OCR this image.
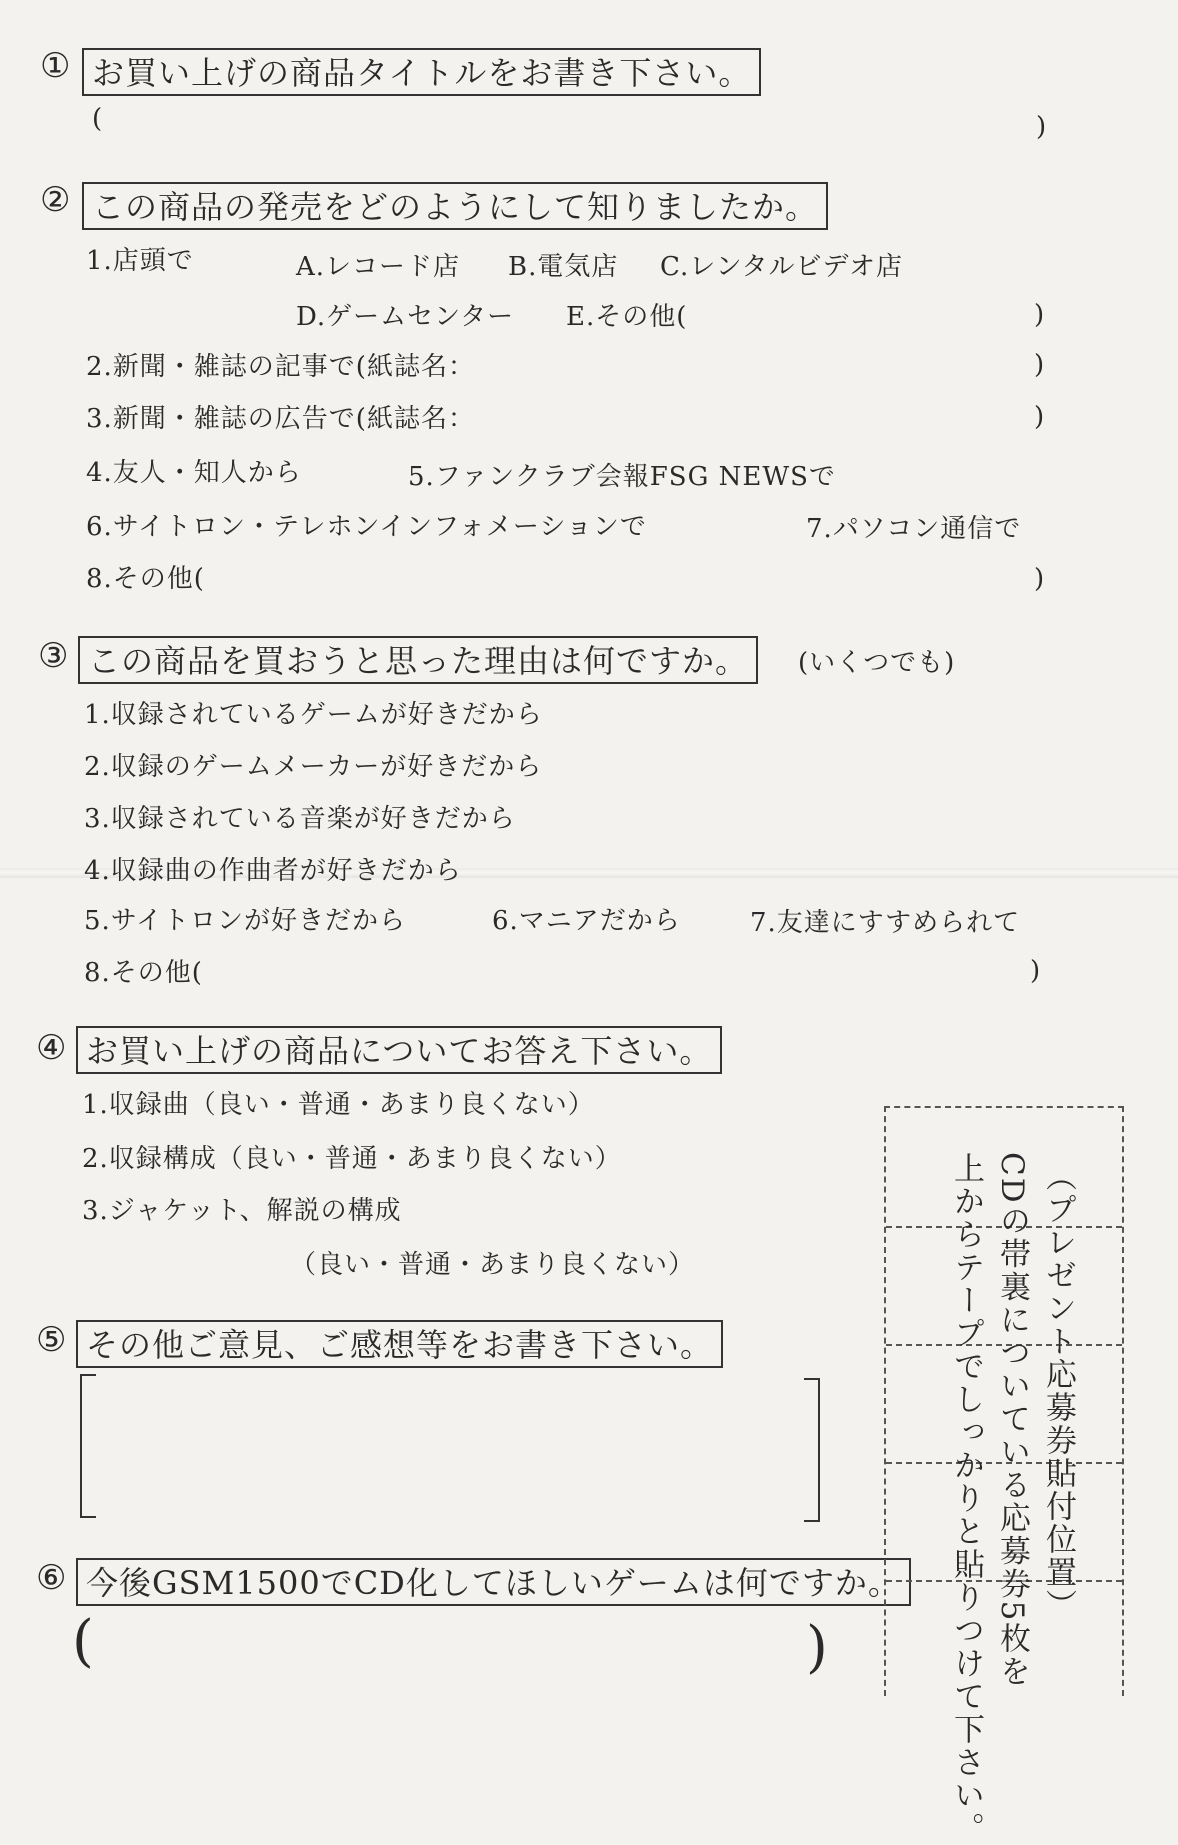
① お買い上げの商品タイトルをお書き下さい。
(	)
② この商品の発売をどのようにして知りましたか。
1.店頭で	A.レコード店 B.電気店 C.レンタルビデオ店
D.ゲームセンター E.その他(	)
2.新聞・雑誌の記事で(紙誌名：	)
3.新聞・雑誌の広告で(紙誌名：	)
4.友人・知人から	5.ファンクラブ会報FSG NEWSで
6.サイトロン・テレホンインフォメーションで	7.パソコン通信で
8.その他(	)
③ この商品を買おうと思った理由は何ですか。	(いくつでも)
1.収録されているゲームが好きだから
2.収録のゲームメーカーが好きだから
3.収録されている音楽が好きだから
4.収録曲の作曲者が好きだから
5.サイトロンが好きだから	6.マニアだから	7.友達にすすめられて
8.その他(	)
④ お買い上げの商品についてお答え下さい。
1.収録曲（良い・普通・あまり良くない）
2.収録構成（良い・普通・あまり良くない）
3.ジャケット、解説の構成
（良い・普通・あまり良くない）
⑤ その他ご意見、ご感想等をお書き下さい。
⑥ 今後GSM1500でCD化してほしいゲームは何ですか。
(	)
（プレゼント応募券貼付位置）
CDの帯裏についている応募券5枚を
上からテープでしっかりと貼りつけて下さい。
